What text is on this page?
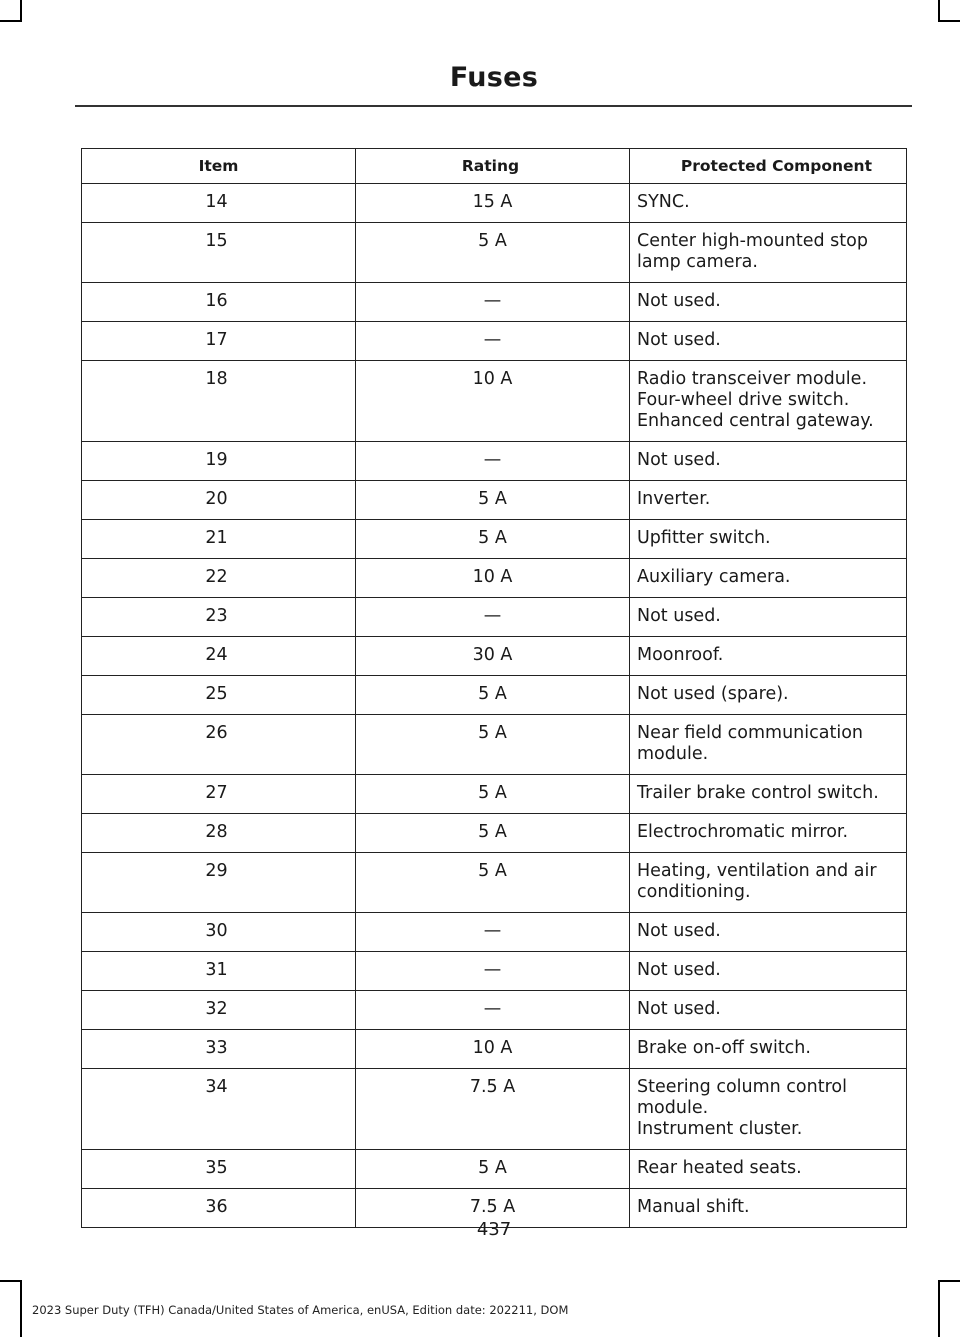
Fuses
Item	Rating	Protected Component
14	15 A	SYNC.

15	5 A	Center high-mounted stop lamp camera.

16	—	Not used.

17	—	Not used.

18	10 A	Radio transceiver module.
Four-wheel drive switch.
Enhanced central gateway.

19	—	Not used.

20	5 A	Inverter.

21	5 A	Upfitter switch.

22	10 A	Auxiliary camera.

23	—	Not used.

24	30 A	Moonroof.

25	5 A	Not used (spare).

26	5 A	Near field communication module.

27	5 A	Trailer brake control switch.

28	5 A	Electrochromatic mirror.

29	5 A	Heating, ventilation and air conditioning.

30	—	Not used.

31	—	Not used.

32	—	Not used.

33	10 A	Brake on-off switch.

34	7.5 A	Steering column control module.
Instrument cluster.

35	5 A	Rear heated seats.

36	7.5 A	Manual shift.
437
2023 Super Duty (TFH) Canada/United States of America, enUSA, Edition date: 202211, DOM
